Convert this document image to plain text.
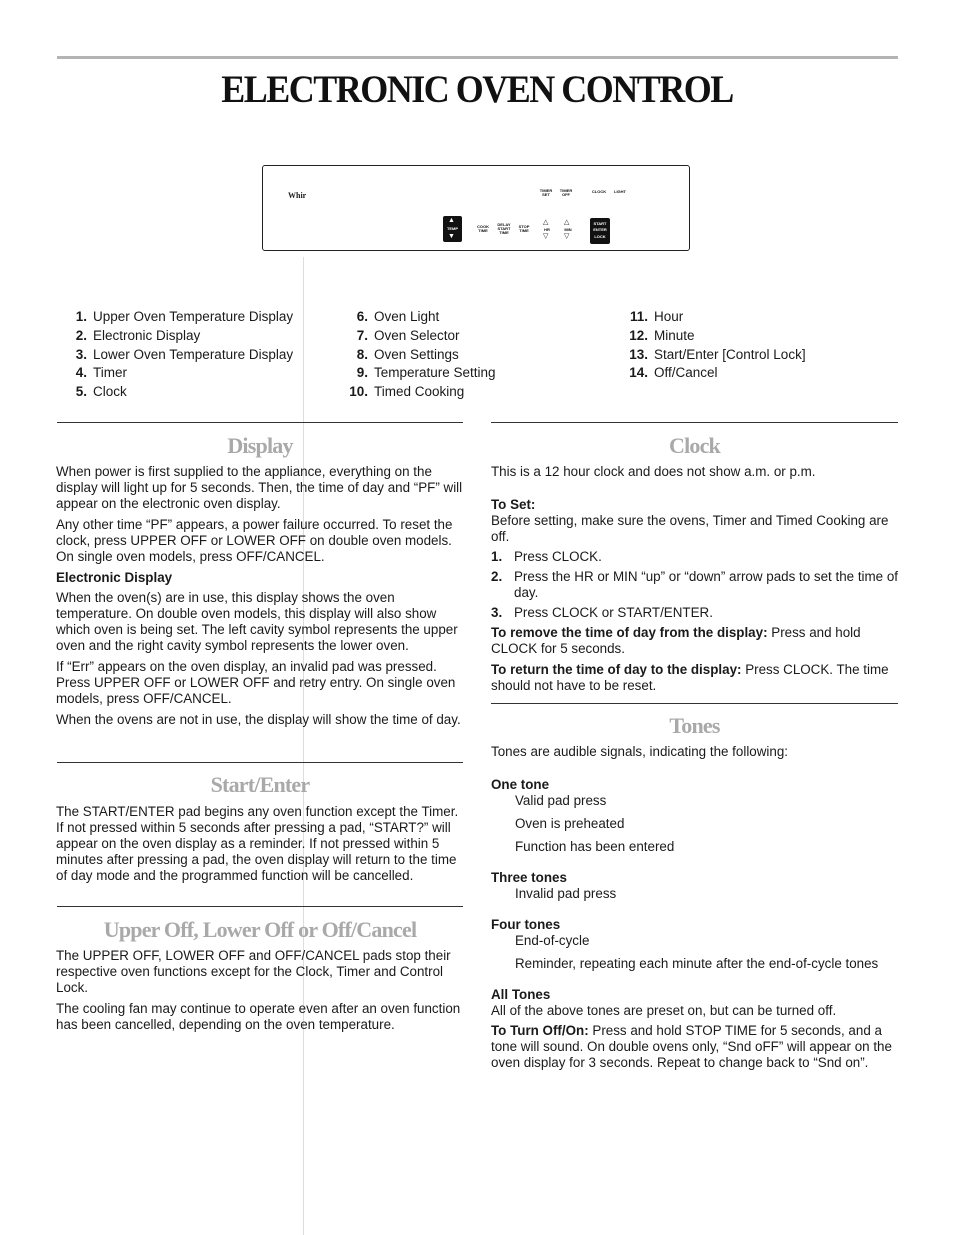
ELECTRONIC OVEN CONTROL
Whir
TIMER SET
TIMER OFF
CLOCK	LIGHT
▲
TEMP
▼
COOK TIME
DELAY START TIME
STOP TIME
△
HR
▽
△
MIN
▽
START
ENTER
LOCK
1. Upper Oven Temperature Display
2. Electronic Display
3. Lower Oven Temperature Display
4. Timer
5. Clock
6. Oven Light
7. Oven Selector
8. Oven Settings
9. Temperature Setting
10. Timed Cooking
11. Hour
12. Minute
13. Start/Enter [Control Lock]
14. Off/Cancel
Display

When power is first supplied to the appliance, everything on the display will light up for 5 seconds. Then, the time of day and “PF” will appear on the electronic oven display.

Any other time “PF” appears, a power failure occurred. To reset the clock, press UPPER OFF or LOWER OFF on double oven models. On single oven models, press OFF/CANCEL.

Electronic Display

When the oven(s) are in use, this display shows the oven temperature. On double oven models, this display will also show which oven is being set. The left cavity symbol represents the upper oven and the right cavity symbol represents the lower oven.

If “Err” appears on the oven display, an invalid pad was pressed. Press UPPER OFF or LOWER OFF and retry entry. On single oven models, press OFF/CANCEL.

When the ovens are not in use, the display will show the time of day.

Start/Enter

The START/ENTER pad begins any oven function except the Timer. If not pressed within 5 seconds after pressing a pad, “START?” will appear on the oven display as a reminder. If not pressed within 5 minutes after pressing a pad, the oven display will return to the time of day mode and the programmed function will be cancelled.

Upper Off, Lower Off or Off/Cancel

The UPPER OFF, LOWER OFF and OFF/CANCEL pads stop their respective oven functions except for the Clock, Timer and Control Lock.

The cooling fan may continue to operate even after an oven function has been cancelled, depending on the oven temperature.

Clock

This is a 12 hour clock and does not show a.m. or p.m.

To Set:

Before setting, make sure the ovens, Timer and Timed Cooking are off.

1. Press CLOCK.
2. Press the HR or MIN “up” or “down” arrow pads to set the time of day.
3. Press CLOCK or START/ENTER.

To remove the time of day from the display: Press and hold CLOCK for 5 seconds.

To return the time of day to the display: Press CLOCK. The time should not have to be reset.

Tones

Tones are audible signals, indicating the following:

One tone
Valid pad press
Oven is preheated
Function has been entered
Three tones
Invalid pad press
Four tones
End-of-cycle
Reminder, repeating each minute after the end-of-cycle tones
All Tones

All of the above tones are preset on, but can be turned off.

To Turn Off/On: Press and hold STOP TIME for 5 seconds, and a tone will sound. On double ovens only, “Snd oFF” will appear on the oven display for 3 seconds. Repeat to change back to “Snd on”.
